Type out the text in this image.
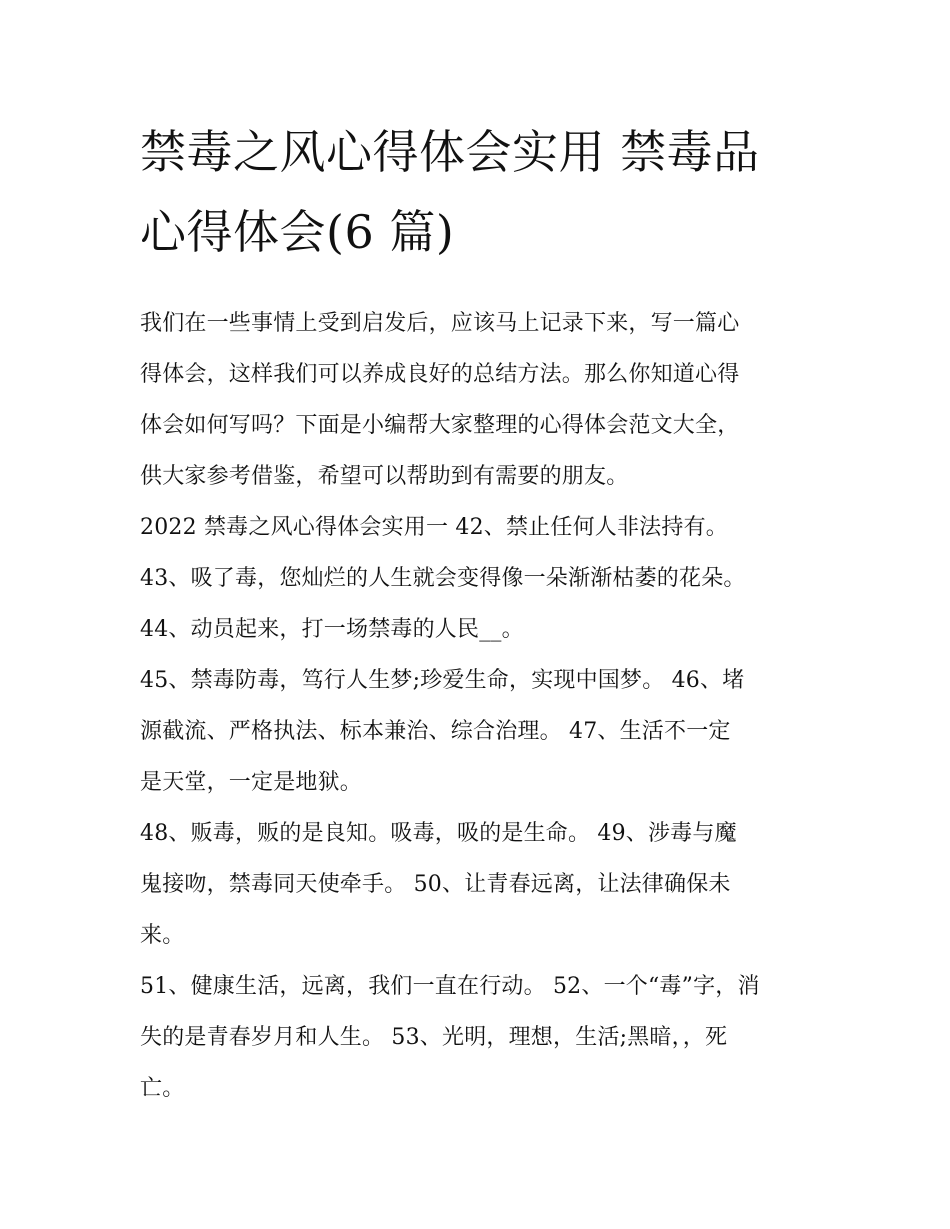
禁毒之风心得体会实用 禁毒品
心得体会(6 篇)

我们在一些事情上受到启发后，应该马上记录下来，写一篇心
得体会，这样我们可以养成良好的总结方法。那么你知道心得
体会如何写吗？下面是小编帮大家整理的心得体会范文大全，
供大家参考借鉴，希望可以帮助到有需要的朋友。

2022 禁毒之风心得体会实用一 42、禁止任何人非法持有。

43、吸了毒，您灿烂的人生就会变得像一朵渐渐枯萎的花朵。

44、动员起来，打一场禁毒的人民__。

45、禁毒防毒，笃行人生梦;珍爱生命，实现中国梦。 46、堵
源截流、严格执法、标本兼治、综合治理。 47、生活不一定
是天堂，一定是地狱。

48、贩毒，贩的是良知。吸毒，吸的是生命。 49、涉毒与魔
鬼接吻，禁毒同天使牵手。 50、让青春远离，让法律确保未
来。

51、健康生活，远离，我们一直在行动。 52、一个“毒”字，消
失的是青春岁月和人生。 53、光明，理想，生活;黑暗，，死
亡。
